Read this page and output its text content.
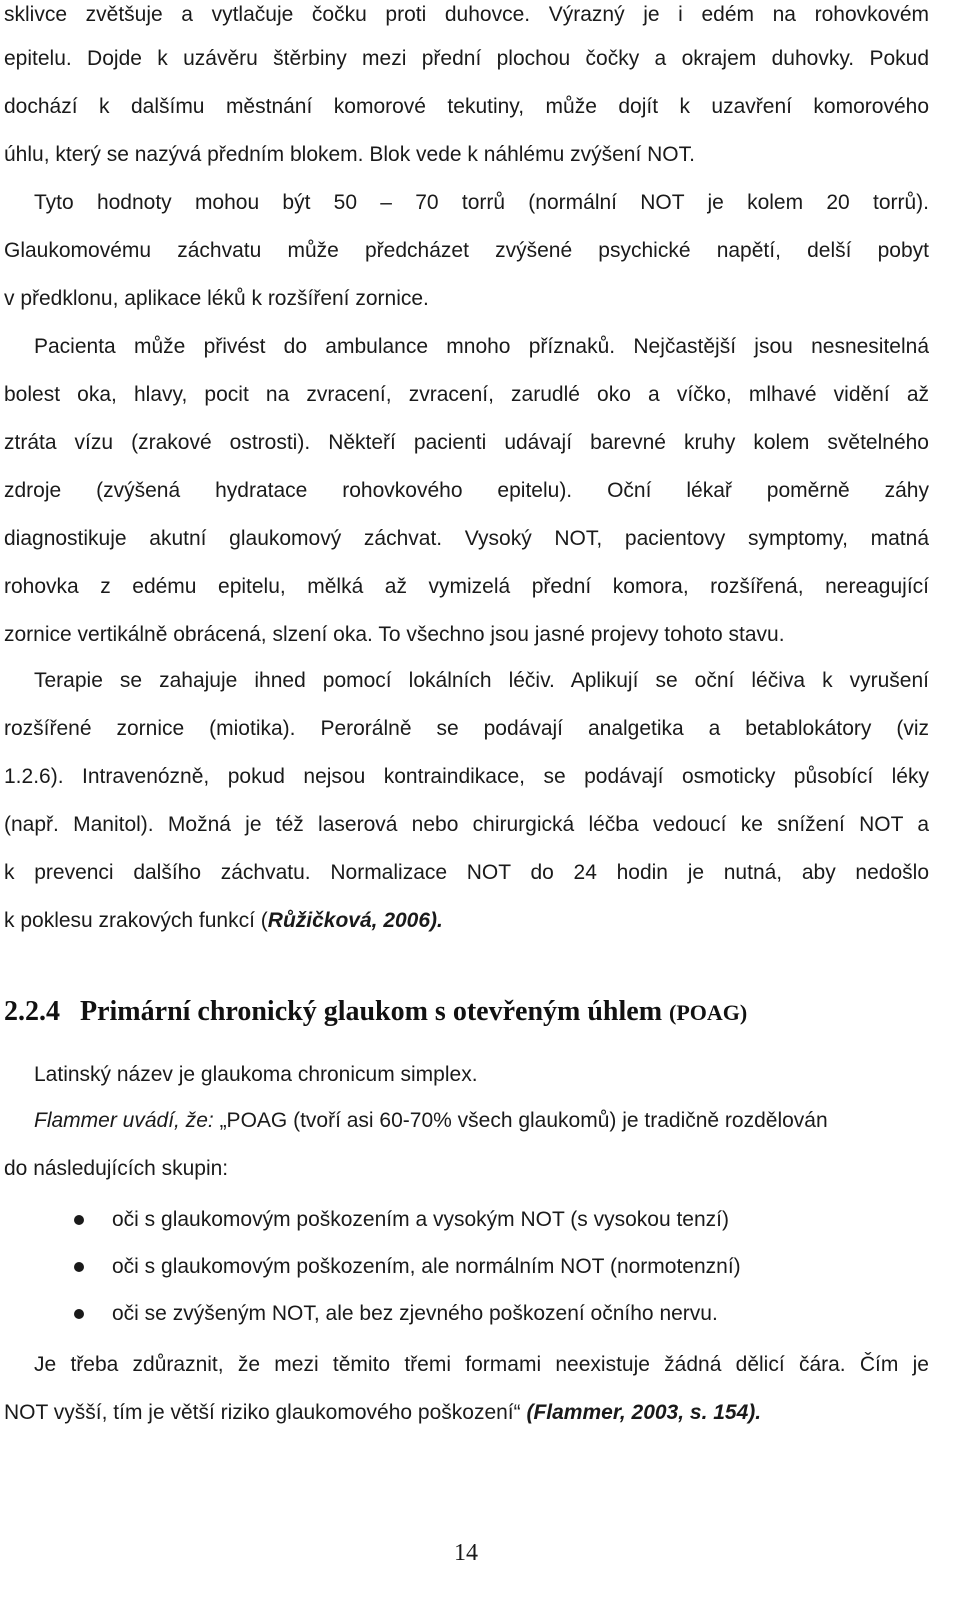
sklivce zvětšuje a vytlačuje čočku proti duhovce. Výrazný je i edém na rohovkovém
epitelu. Dojde k uzávěru štěrbiny mezi přední plochou čočky a okrajem duhovky. Pokud
dochází k dalšímu městnání komorové tekutiny, může dojít k uzavření komorového
úhlu, který se nazývá předním blokem. Blok vede k náhlému zvýšení NOT.
Tyto hodnoty mohou být 50 – 70 torrů (normální NOT je kolem 20 torrů).
Glaukomovému záchvatu může předcházet zvýšené psychické napětí, delší pobyt
v předklonu, aplikace léků k rozšíření zornice.
Pacienta může přivést do ambulance mnoho příznaků. Nejčastější jsou nesnesitelná
bolest oka, hlavy, pocit na zvracení, zvracení, zarudlé oko a víčko, mlhavé vidění až
ztráta vízu (zrakové ostrosti). Někteří pacienti udávají barevné kruhy kolem světelného
zdroje (zvýšená hydratace rohovkového epitelu). Oční lékař poměrně záhy
diagnostikuje akutní glaukomový záchvat. Vysoký NOT, pacientovy symptomy, matná
rohovka z edému epitelu, mělká až vymizelá přední komora, rozšířená, nereagující
zornice vertikálně obrácená, slzení oka. To všechno jsou jasné projevy tohoto stavu.
Terapie se zahajuje ihned pomocí lokálních léčiv. Aplikují se oční léčiva k vyrušení
rozšířené zornice (miotika). Perorálně se podávají analgetika a betablokátory (viz
1.2.6). Intravenózně, pokud nejsou kontraindikace, se podávají osmoticky působící léky
(např. Manitol). Možná je též laserová nebo chirurgická léčba vedoucí ke snížení NOT a
k prevenci dalšího záchvatu. Normalizace NOT do 24 hodin je nutná, aby nedošlo
k poklesu zrakových funkcí (Růžičková, 2006).
2.2.4 Primární chronický glaukom s otevřeným úhlem (POAG)
Latinský název je glaukoma chronicum simplex.
Flammer uvádí, že: „POAG (tvoří asi 60-70% všech glaukomů) je tradičně rozdělován
do následujících skupin:
oči s glaukomovým poškozením a vysokým NOT (s vysokou tenzí)
oči s glaukomovým poškozením, ale normálním NOT (normotenzní)
oči se zvýšeným NOT, ale bez zjevného poškození očního nervu.
Je třeba zdůraznit, že mezi těmito třemi formami neexistuje žádná dělicí čára. Čím je
NOT vyšší, tím je větší riziko glaukomového poškození“ (Flammer, 2003, s. 154).
14
